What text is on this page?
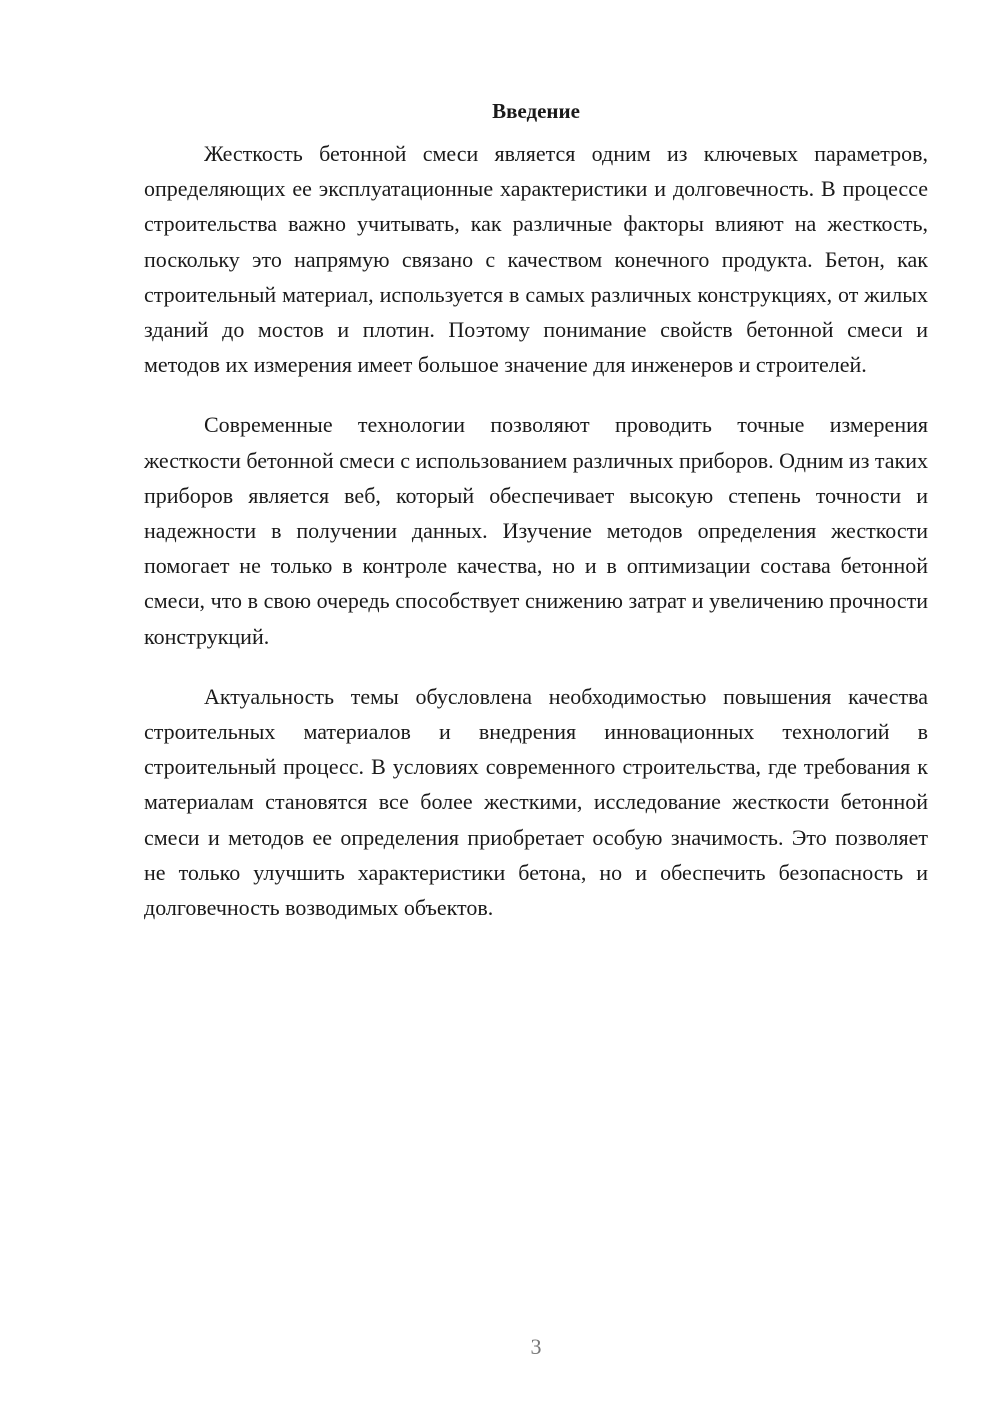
Введение

Жесткость бетонной смеси является одним из ключевых параметров, определяющих ее эксплуатационные характеристики и долговечность. В процессе строительства важно учитывать, как различные факторы влияют на жесткость, поскольку это напрямую связано с качеством конечного продукта. Бетон, как строительный материал, используется в самых различных конструкциях, от жилых зданий до мостов и плотин. Поэтому понимание свойств бетонной смеси и методов их измерения имеет большое значение для инженеров и строителей.

Современные технологии позволяют проводить точные измерения жесткости бетонной смеси с использованием различных приборов. Одним из таких приборов является веб, который обеспечивает высокую степень точности и надежности в получении данных. Изучение методов определения жесткости помогает не только в контроле качества, но и в оптимизации состава бетонной смеси, что в свою очередь способствует снижению затрат и увеличению прочности конструкций.

Актуальность темы обусловлена необходимостью повышения качества строительных материалов и внедрения инновационных технологий в строительный процесс. В условиях современного строительства, где требования к материалам становятся все более жесткими, исследование жесткости бетонной смеси и методов ее определения приобретает особую значимость. Это позволяет не только улучшить характеристики бетона, но и обеспечить безопасность и долговечность возводимых объектов.

3
